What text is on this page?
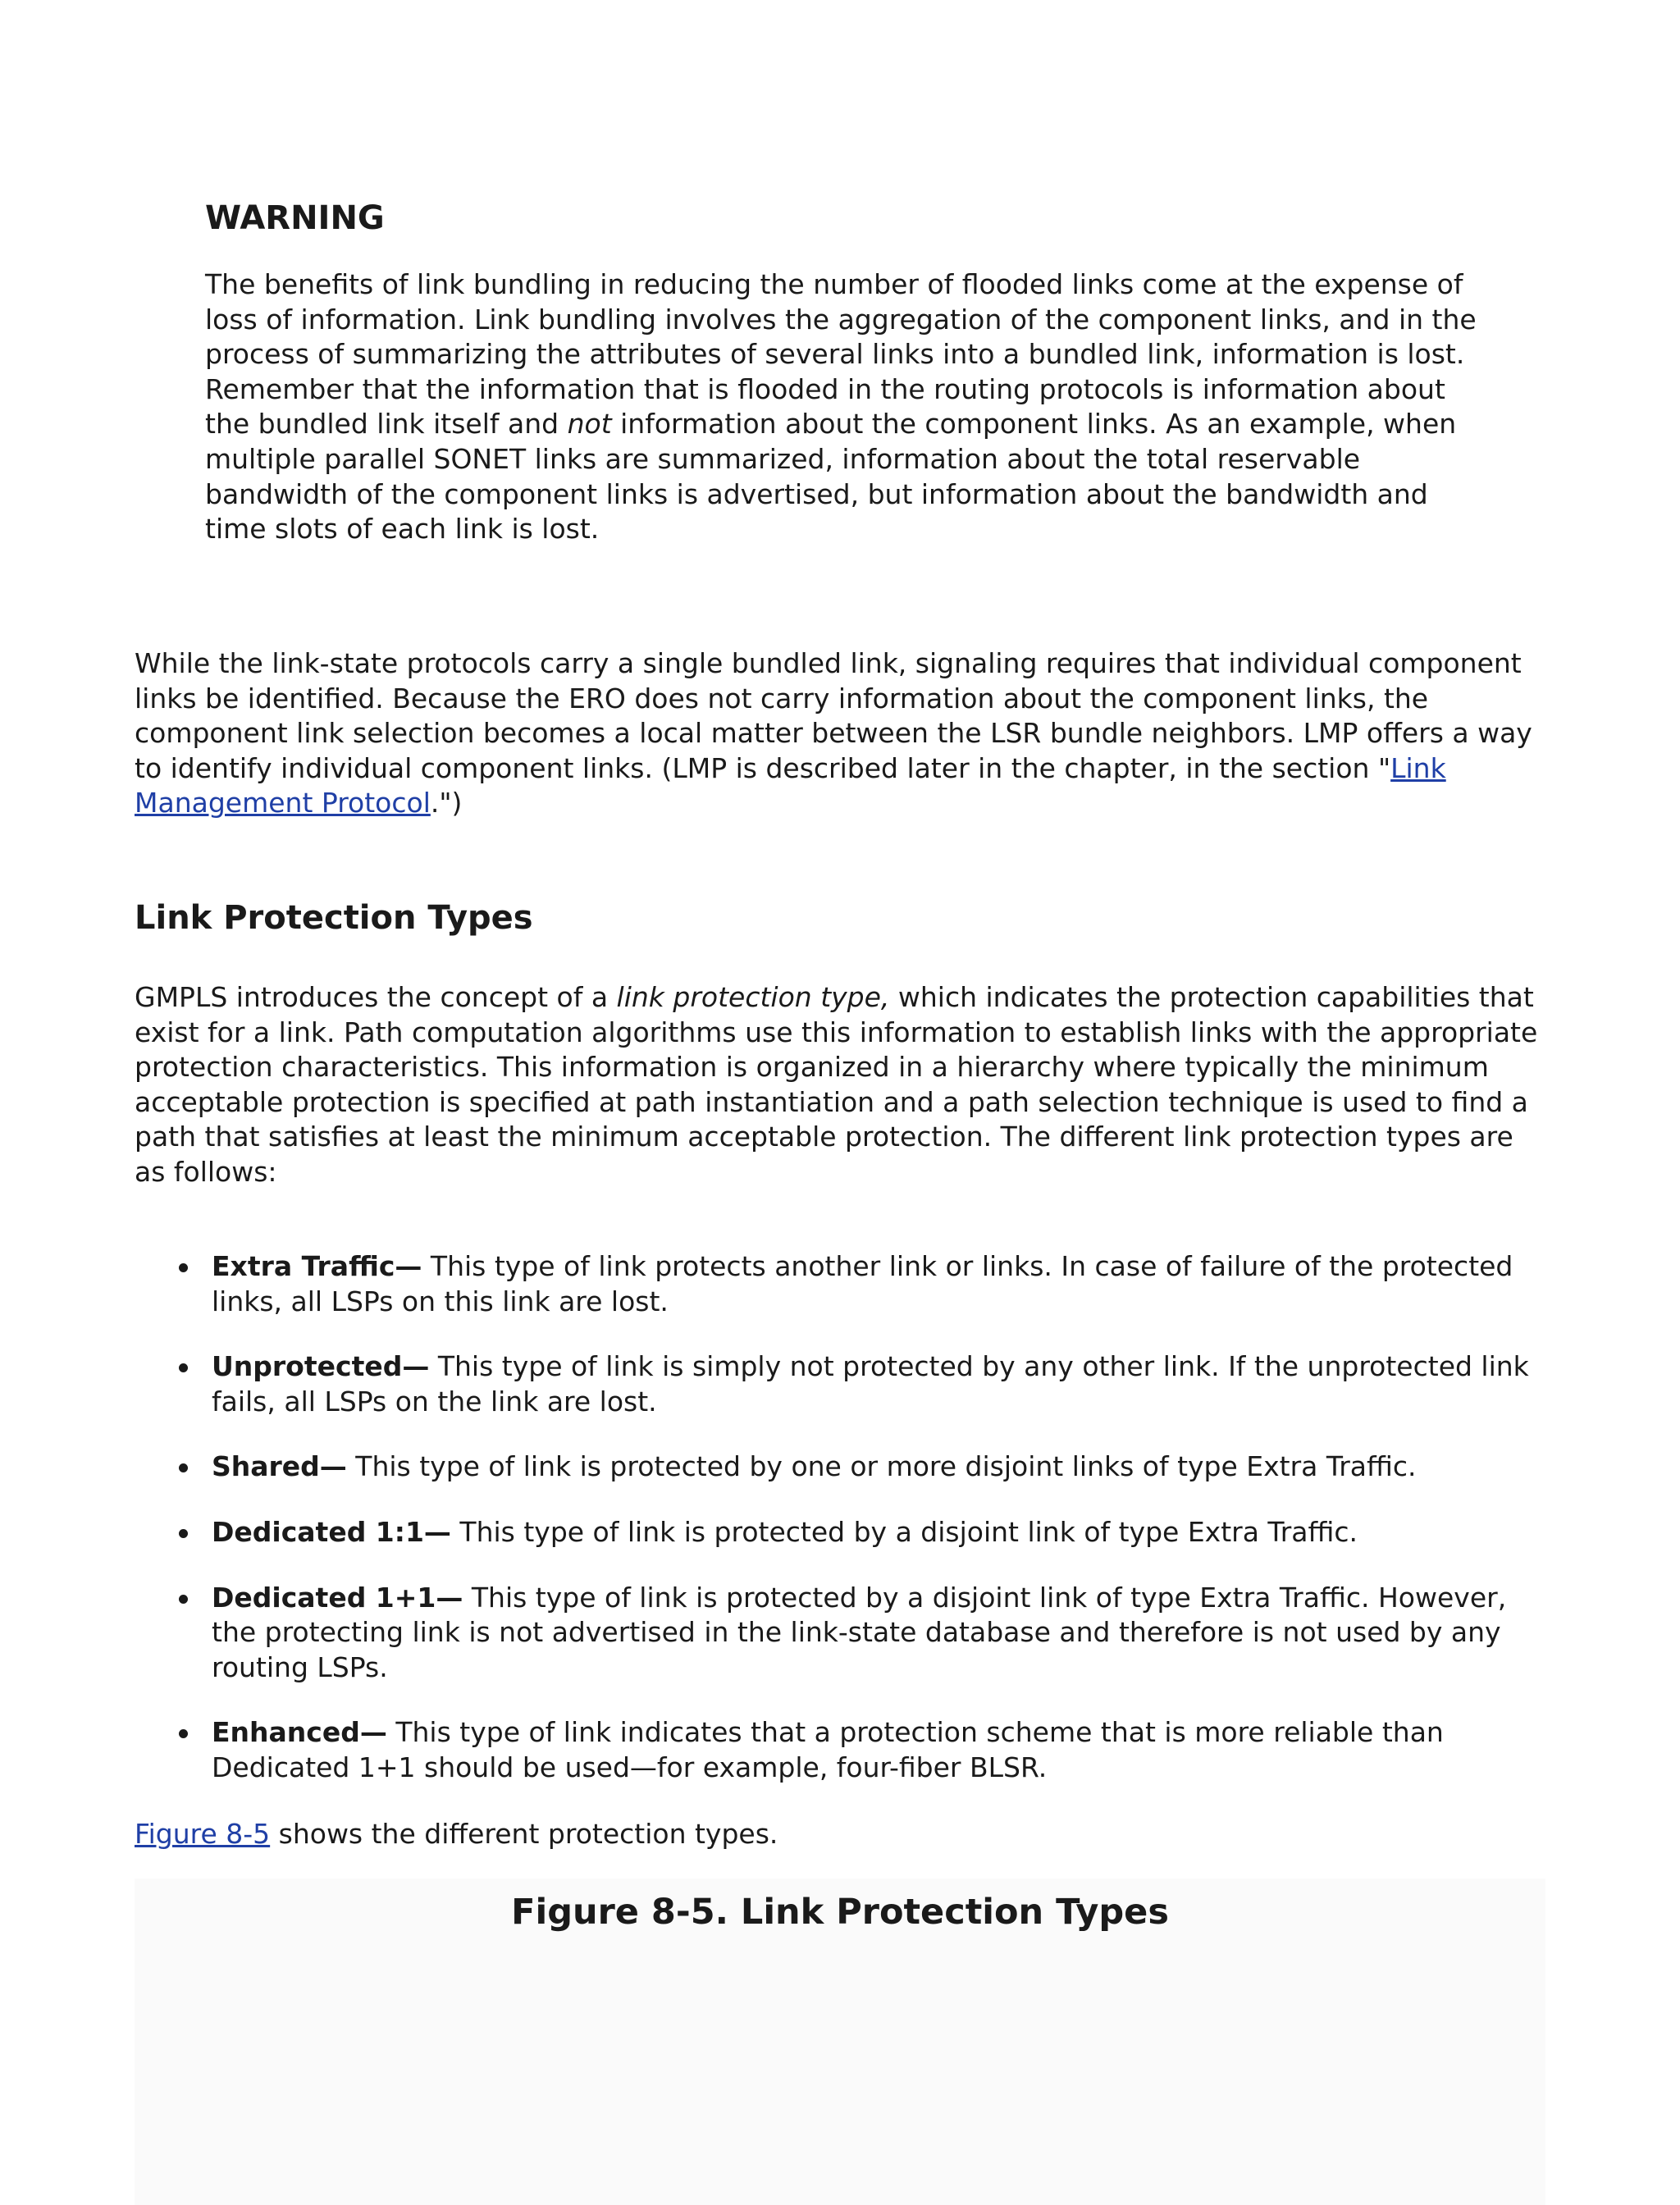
WARNING

The benefits of link bundling in reducing the number of flooded links come at the expense of loss of information. Link bundling involves the aggregation of the component links, and in the process of summarizing the attributes of several links into a bundled link, information is lost. Remember that the information that is flooded in the routing protocols is information about the bundled link itself and not information about the component links. As an example, when multiple parallel SONET links are summarized, information about the total reservable bandwidth of the component links is advertised, but information about the bandwidth and time slots of each link is lost.

While the link-state protocols carry a single bundled link, signaling requires that individual component links be identified. Because the ERO does not carry information about the component links, the component link selection becomes a local matter between the LSR bundle neighbors. LMP offers a way to identify individual component links. (LMP is described later in the chapter, in the section "Link Management Protocol.")

Link Protection Types

GMPLS introduces the concept of a link protection type, which indicates the protection capabilities that exist for a link. Path computation algorithms use this information to establish links with the appropriate protection characteristics. This information is organized in a hierarchy where typically the minimum acceptable protection is specified at path instantiation and a path selection technique is used to find a path that satisfies at least the minimum acceptable protection. The different link protection types are as follows:

Extra Traffic— This type of link protects another link or links. In case of failure of the protected links, all LSPs on this link are lost.
Unprotected— This type of link is simply not protected by any other link. If the unprotected link fails, all LSPs on the link are lost.
Shared— This type of link is protected by one or more disjoint links of type Extra Traffic.
Dedicated 1:1— This type of link is protected by a disjoint link of type Extra Traffic.
Dedicated 1+1— This type of link is protected by a disjoint link of type Extra Traffic. However, the protecting link is not advertised in the link-state database and therefore is not used by any routing LSPs.
Enhanced— This type of link indicates that a protection scheme that is more reliable than Dedicated 1+1 should be used—for example, four-fiber BLSR.

Figure 8-5 shows the different protection types.

Figure 8-5. Link Protection Types
